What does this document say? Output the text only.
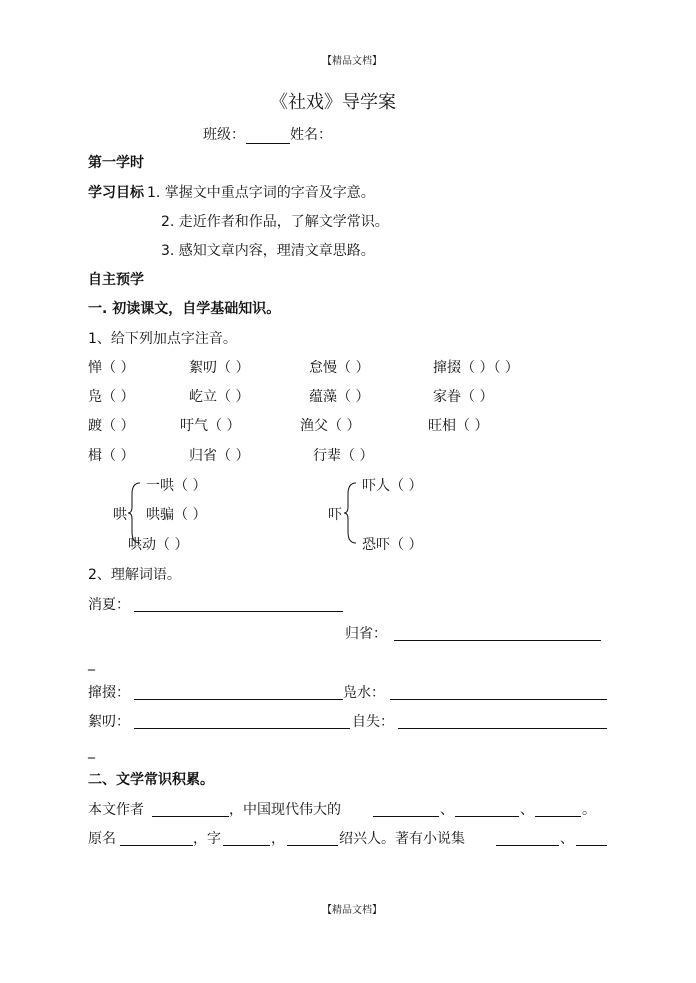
【精品文档】
《社戏》导学案
班级：	姓名：
第一学时
学习目标 1. 掌握文中重点字词的字音及字意。
2. 走近作者和作品，了解文学常识。
3. 感知文章内容，理清文章思路。
自主预学
一. 初读课文，自学基础知识。
1、给下列加点字注音。
惮（ ）	絮叨（ ）	怠慢（ ）	撺掇（ ）（ ）
凫（ ）	屹立（ ）	蕴藻（ ）	家眷（ ）
踱（ ）	吁气（ ）	渔父（ ）	旺相（ ）
楫（ ）	归省（ ）	行辈（ ）
哄
一哄（ ）
哄骗（ ）
哄动（ ）
吓
吓人（ ）
恐吓（ ）
2、理解词语。
消夏：
归省：
_
撺掇：	凫水：
絮叨：	自失：
_
二、文学常识积累。
本文作者	，中国现代伟大的	、	、	。
原名	，字	，	绍兴人。著有小说集	、
【精品文档】
